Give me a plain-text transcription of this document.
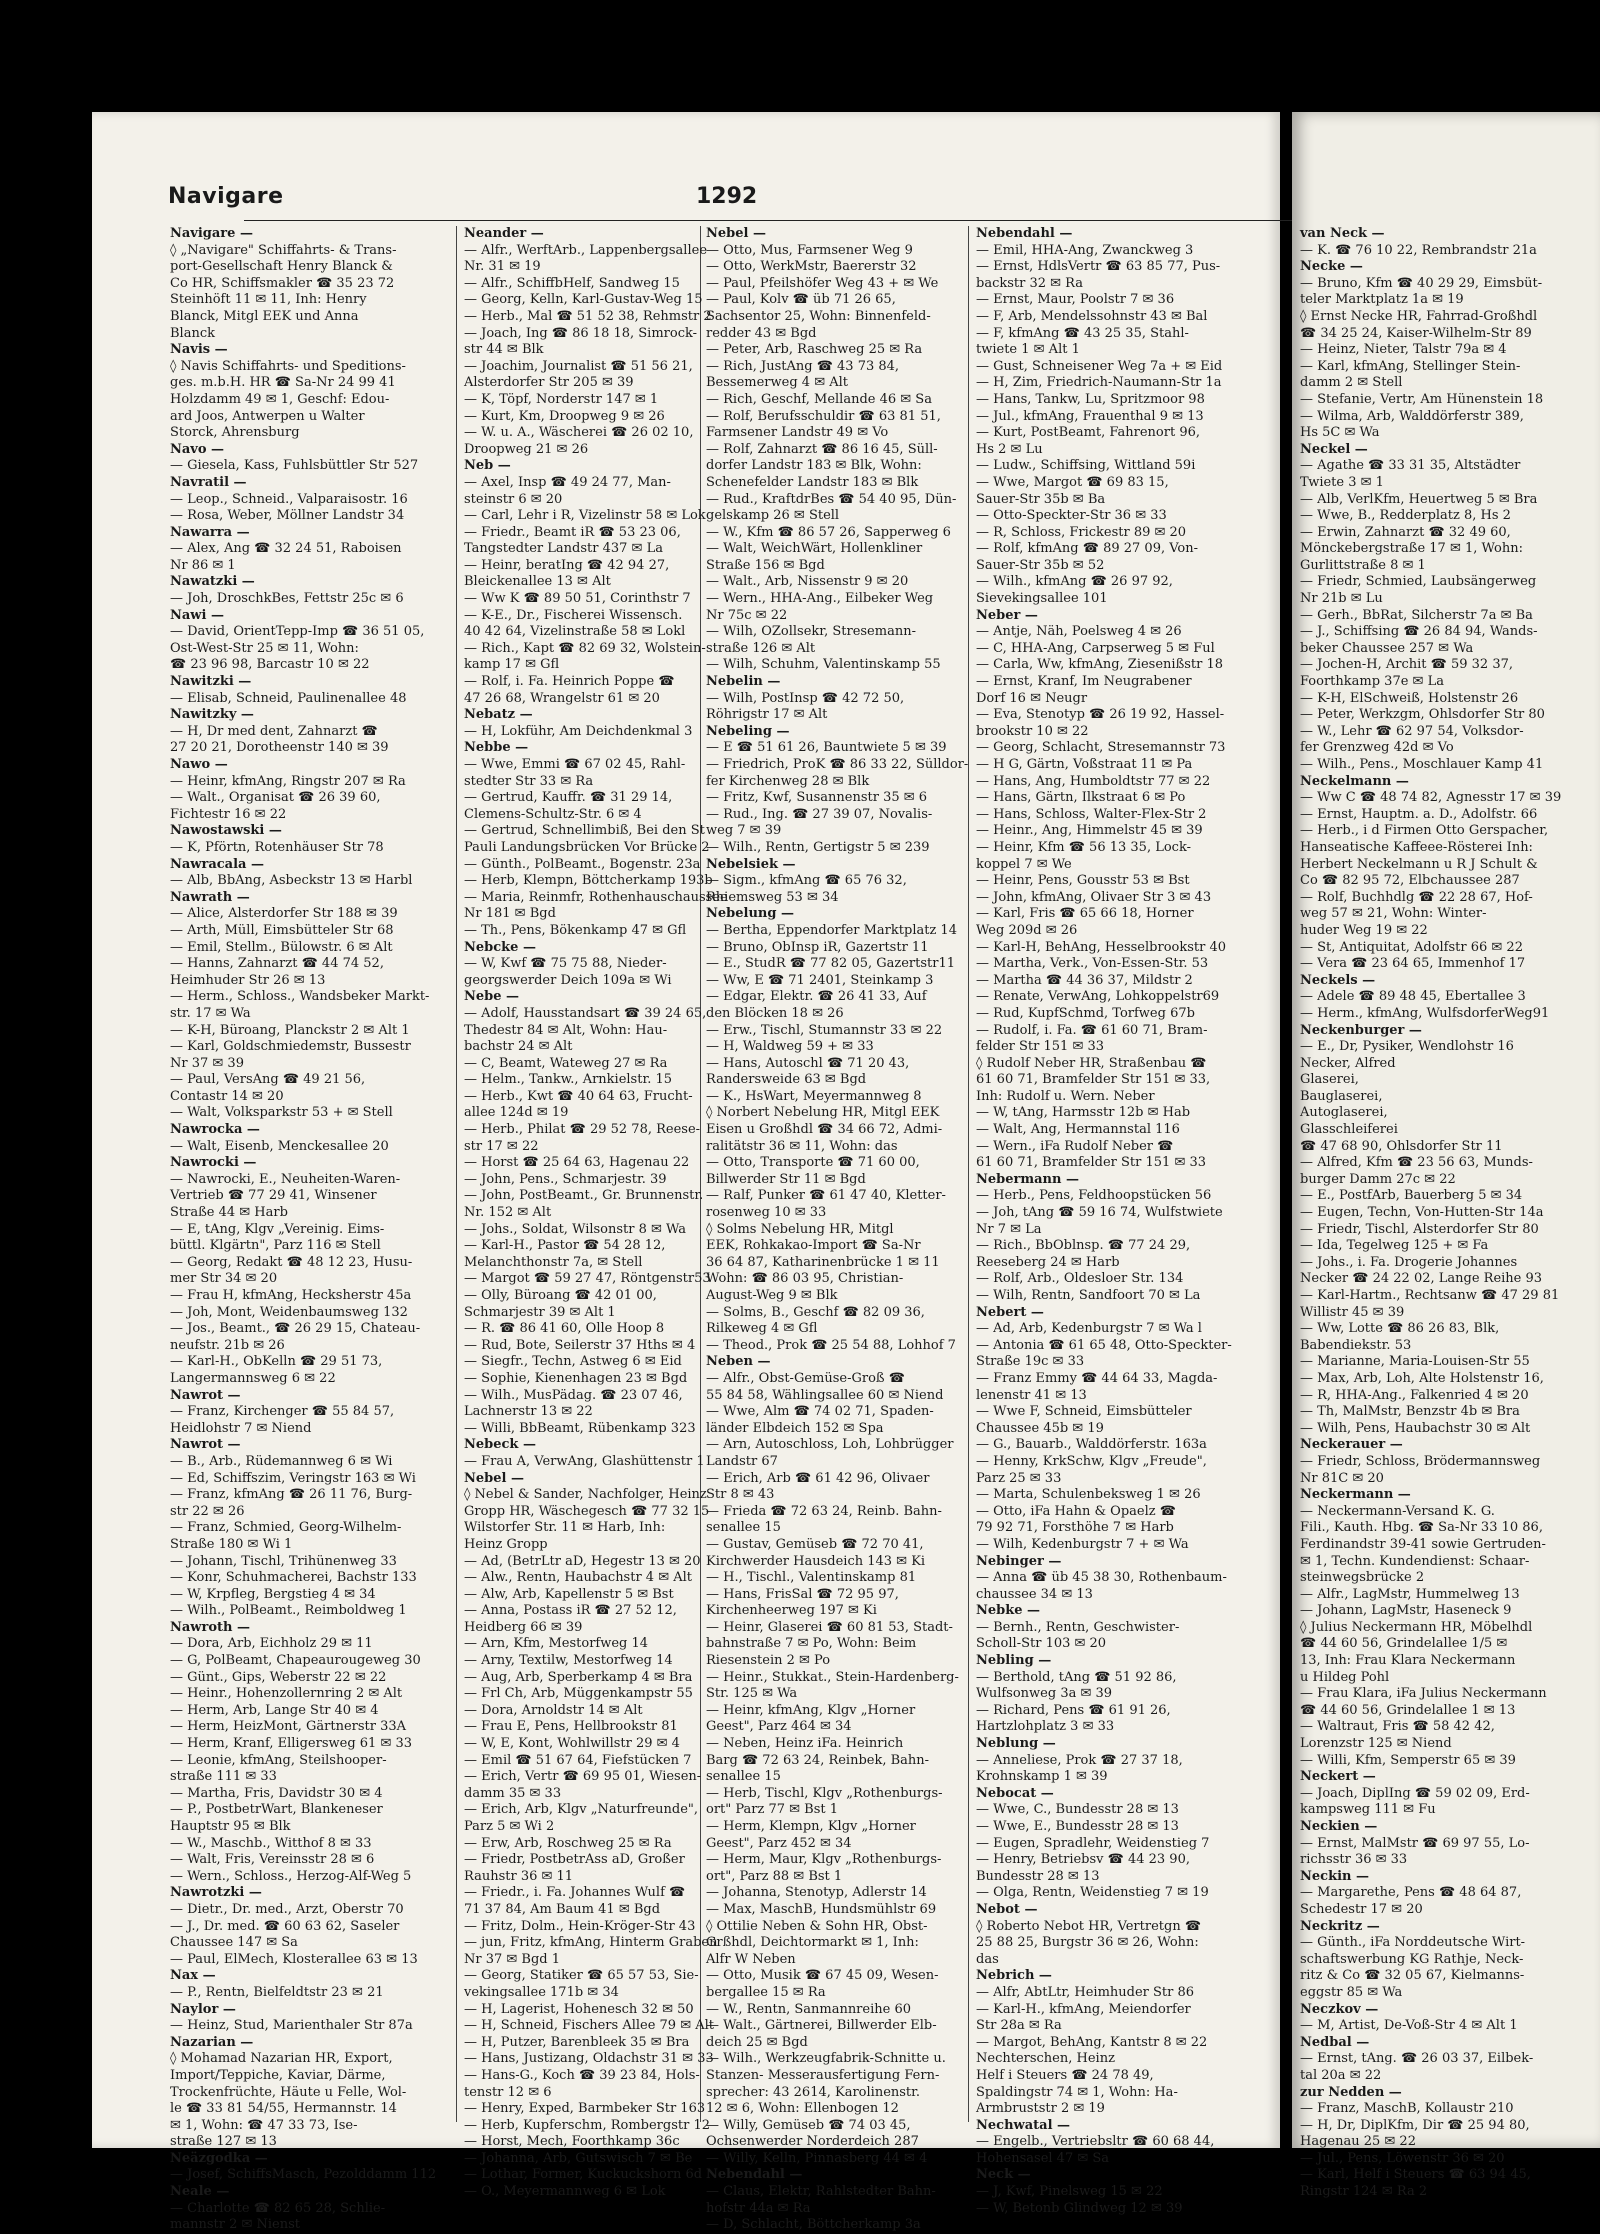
Navigare	1292

Navigare —

◊ „Navigare" Schiffahrts- & Trans-

port-Gesellschaft Henry Blanck &

Co HR, Schiffsmakler ☎ 35 23 72

Steinhöft 11 ✉ 11, Inh: Henry

Blanck, Mitgl EEK und Anna

Blanck

Navis —

◊ Navis Schiffahrts- und Speditions-

ges. m.b.H. HR ☎ Sa-Nr 24 99 41

Holzdamm 49 ✉ 1, Geschf: Edou-

ard Joos, Antwerpen u Walter

Storck, Ahrensburg

Navo —

— Giesela, Kass, Fuhlsbüttler Str 527

Navratil —

— Leop., Schneid., Valparaisostr. 16

— Rosa, Weber, Möllner Landstr 34

Nawarra —

— Alex, Ang ☎ 32 24 51, Raboisen

Nr 86 ✉ 1

Nawatzki —

— Joh, DroschkBes, Fettstr 25c ✉ 6

Nawi —

— David, OrientTepp-Imp ☎ 36 51 05,

Ost-West-Str 25 ✉ 11, Wohn:

☎ 23 96 98, Barcastr 10 ✉ 22

Nawitzki —

— Elisab, Schneid, Paulinenallee 48

Nawitzky —

— H, Dr med dent, Zahnarzt ☎

27 20 21, Dorotheenstr 140 ✉ 39

Nawo —

— Heinr, kfmAng, Ringstr 207 ✉ Ra

— Walt., Organisat ☎ 26 39 60,

Fichtestr 16 ✉ 22

Nawostawski —

— K, Pförtn, Rotenhäuser Str 78

Nawracala —

— Alb, BbAng, Asbeckstr 13 ✉ Harbl

Nawrath —

— Alice, Alsterdorfer Str 188 ✉ 39

— Arth, Müll, Eimsbütteler Str 68

— Emil, Stellm., Bülowstr. 6 ✉ Alt

— Hanns, Zahnarzt ☎ 44 74 52,

Heimhuder Str 26 ✉ 13

— Herm., Schloss., Wandsbeker Markt-

str. 17 ✉ Wa

— K-H, Büroang, Planckstr 2 ✉ Alt 1

— Karl, Goldschmiedemstr, Bussestr

Nr 37 ✉ 39

— Paul, VersAng ☎ 49 21 56,

Contastr 14 ✉ 20

— Walt, Volksparkstr 53 + ✉ Stell

Nawrocka —

— Walt, Eisenb, Menckesallee 20

Nawrocki —

— Nawrocki, E., Neuheiten-Waren-

Vertrieb ☎ 77 29 41, Winsener

Straße 44 ✉ Harb

— E, tAng, Klgv „Vereinig. Eims-

büttl. Klgärtn", Parz 116 ✉ Stell

— Georg, Redakt ☎ 48 12 23, Husu-

mer Str 34 ✉ 20

— Frau H, kfmAng, Hecksherstr 45a

— Joh, Mont, Weidenbaumsweg 132

— Jos., Beamt., ☎ 26 29 15, Chateau-

neufstr. 21b ✉ 26

— Karl-H., ObKelln ☎ 29 51 73,

Langermannsweg 6 ✉ 22

Nawrot —

— Franz, Kirchenger ☎ 55 84 57,

Heidlohstr 7 ✉ Niend

Nawrot —

— B., Arb., Rüdemannweg 6 ✉ Wi

— Ed, Schiffszim, Veringstr 163 ✉ Wi

— Franz, kfmAng ☎ 26 11 76, Burg-

str 22 ✉ 26

— Franz, Schmied, Georg-Wilhelm-

Straße 180 ✉ Wi 1

— Johann, Tischl, Trihünenweg 33

— Konr, Schuhmacherei, Bachstr 133

— W, Krpfleg, Bergstieg 4 ✉ 34

— Wilh., PolBeamt., Reimboldweg 1

Nawroth —

— Dora, Arb, Eichholz 29 ✉ 11

— G, PolBeamt, Chapeaurougeweg 30

— Günt., Gips, Weberstr 22 ✉ 22

— Heinr., Hohenzollernring 2 ✉ Alt

— Herm, Arb, Lange Str 40 ✉ 4

— Herm, HeizMont, Gärtnerstr 33A

— Herm, Kranf, Elligersweg 61 ✉ 33

— Leonie, kfmAng, Steilshooper-

straße 111 ✉ 33

— Martha, Fris, Davidstr 30 ✉ 4

— P., PostbetrWart, Blankeneser

Hauptstr 95 ✉ Blk

— W., Maschb., Witthof 8 ✉ 33

— Walt, Fris, Vereinsstr 28 ✉ 6

— Wern., Schloss., Herzog-Alf-Weg 5

Nawrotzki —

— Dietr., Dr. med., Arzt, Oberstr 70

— J., Dr. med. ☎ 60 63 62, Saseler

Chaussee 147 ✉ Sa

— Paul, ElMech, Klosterallee 63 ✉ 13

Nax —

— P., Rentn, Bielfeldtstr 23 ✉ 21

Naylor —

— Heinz, Stud, Marienthaler Str 87a

Nazarian —

◊ Mohamad Nazarian HR, Export,

Import/Teppiche, Kaviar, Därme,

Trockenfrüchte, Häute u Felle, Wol-

le ☎ 33 81 54/55, Hermannstr. 14

✉ 1, Wohn: ☎ 47 33 73, Ise-

straße 127 ✉ 13

Neäzgodka —

— Josef, SchiffsMasch, Pezolddamm 112

Neale —

— Charlotte ☎ 82 65 28, Schlie-

mannstr 2 ✉ Nienst

Neander —

— Alfr., WerftArb., Lappenbergsallee

Nr. 31 ✉ 19

— Alfr., SchiffbHelf, Sandweg 15

— Georg, Kelln, Karl-Gustav-Weg 15

— Herb., Mal ☎ 51 52 38, Rehmstr 2

— Joach, Ing ☎ 86 18 18, Simrock-

str 44 ✉ Blk

— Joachim, Journalist ☎ 51 56 21,

Alsterdorfer Str 205 ✉ 39

— K, Töpf, Norderstr 147 ✉ 1

— Kurt, Km, Droopweg 9 ✉ 26

— W. u. A., Wäscherei ☎ 26 02 10,

Droopweg 21 ✉ 26

Neb —

— Axel, Insp ☎ 49 24 77, Man-

steinstr 6 ✉ 20

— Carl, Lehr i R, Vizelinstr 58 ✉ Lok

— Friedr., Beamt iR ☎ 53 23 06,

Tangstedter Landstr 437 ✉ La

— Heinr, beratIng ☎ 42 94 27,

Bleickenallee 13 ✉ Alt

— Ww K ☎ 89 50 51, Corinthstr 7

— K-E., Dr., Fischerei Wissensch.

40 42 64, Vizelinstraße 58 ✉ Lokl

— Rich., Kapt ☎ 82 69 32, Wolstein-

kamp 17 ✉ Gfl

— Rolf, i. Fa. Heinrich Poppe ☎

47 26 68, Wrangelstr 61 ✉ 20

Nebatz —

— H, Lokführ, Am Deichdenkmal 3

Nebbe —

— Wwe, Emmi ☎ 67 02 45, Rahl-

stedter Str 33 ✉ Ra

— Gertrud, Kauffr. ☎ 31 29 14,

Clemens-Schultz-Str. 6 ✉ 4

— Gertrud, Schnellimbiß, Bei den St

Pauli Landungsbrücken Vor Brücke 2

— Günth., PolBeamt., Bogenstr. 23a

— Herb, Klempn, Böttcherkamp 193b

— Maria, Reinmfr, Rothenhauschaussee

Nr 181 ✉ Bgd

— Th., Pens, Bökenkamp 47 ✉ Gfl

Nebcke —

— W, Kwf ☎ 75 75 88, Nieder-

georgswerder Deich 109a ✉ Wi

Nebe —

— Adolf, Hausstandsart ☎ 39 24 65,

Thedestr 84 ✉ Alt, Wohn: Hau-

bachstr 24 ✉ Alt

— C, Beamt, Wateweg 27 ✉ Ra

— Helm., Tankw., Arnkielstr. 15

— Herb., Kwt ☎ 40 64 63, Frucht-

allee 124d ✉ 19

— Herb., Philat ☎ 29 52 78, Reese-

str 17 ✉ 22

— Horst ☎ 25 64 63, Hagenau 22

— John, Pens., Schmarjestr. 39

— John, PostBeamt., Gr. Brunnenstr.

Nr. 152 ✉ Alt

— Johs., Soldat, Wilsonstr 8 ✉ Wa

— Karl-H., Pastor ☎ 54 28 12,

Melanchthonstr 7a, ✉ Stell

— Margot ☎ 59 27 47, Röntgenstr53

— Olly, Büroang ☎ 42 01 00,

Schmarjestr 39 ✉ Alt 1

— R. ☎ 86 41 60, Olle Hoop 8

— Rud, Bote, Seilerstr 37 Hths ✉ 4

— Siegfr., Techn, Astweg 6 ✉ Eid

— Sophie, Kienenhagen 23 ✉ Bgd

— Wilh., MusPädag. ☎ 23 07 46,

Lachnerstr 13 ✉ 22

— Willi, BbBeamt, Rübenkamp 323

Nebeck —

— Frau A, VerwAng, Glashüttenstr 1

Nebel —

◊ Nebel & Sander, Nachfolger, Heinz

Gropp HR, Wäschegesch ☎ 77 32 15

Wilstorfer Str. 11 ✉ Harb, Inh:

Heinz Gropp

— Ad, (BetrLtr aD, Hegestr 13 ✉ 20

— Alw., Rentn, Haubachstr 4 ✉ Alt

— Alw, Arb, Kapellenstr 5 ✉ Bst

— Anna, Postass iR ☎ 27 52 12,

Heidberg 66 ✉ 39

— Arn, Kfm, Mestorfweg 14

— Arny, Textilw, Mestorfweg 14

— Aug, Arb, Sperberkamp 4 ✉ Bra

— Frl Ch, Arb, Müggenkampstr 55

— Dora, Arnoldstr 14 ✉ Alt

— Frau E, Pens, Hellbrookstr 81

— W, E, Kont, Wohlwillstr 29 ✉ 4

— Emil ☎ 51 67 64, Fiefstücken 7

— Erich, Vertr ☎ 69 95 01, Wiesen-

damm 35 ✉ 33

— Erich, Arb, Klgv „Naturfreunde",

Parz 5 ✉ Wi 2

— Erw, Arb, Roschweg 25 ✉ Ra

— Friedr, PostbetrAss aD, Großer

Rauhstr 36 ✉ 11

— Friedr., i. Fa. Johannes Wulf ☎

71 37 84, Am Baum 41 ✉ Bgd

— Fritz, Dolm., Hein-Kröger-Str 43

— jun, Fritz, kfmAng, Hinterm Graben

Nr 37 ✉ Bgd 1

— Georg, Statiker ☎ 65 57 53, Sie-

vekingsallee 171b ✉ 34

— H, Lagerist, Hohenesch 32 ✉ 50

— H, Schneid, Fischers Allee 79 ✉ Alt

— H, Putzer, Barenbleek 35 ✉ Bra

— Hans, Justizang, Oldachstr 31 ✉ 33

— Hans-G., Koch ☎ 39 23 84, Hols-

tenstr 12 ✉ 6

— Henry, Exped, Barmbeker Str 163

— Herb, Kupferschm, Rombergstr 12

— Horst, Mech, Foorthkamp 36c

— Johanna, Arb, Gutswisch 7 ✉ Be

— Lothar, Former, Kuckuckshorn 6d

— O., Meyermannweg 6 ✉ Lok

Nebel —

— Otto, Mus, Farmsener Weg 9

— Otto, WerkMstr, Baererstr 32

— Paul, Pfeilshöfer Weg 43 + ✉ We

— Paul, Kolv ☎ üb 71 26 65,

Sachsentor 25, Wohn: Binnenfeld-

redder 43 ✉ Bgd

— Peter, Arb, Raschweg 25 ✉ Ra

— Rich, JustAng ☎ 43 73 84,

Bessemerweg 4 ✉ Alt

— Rich, Geschf, Mellande 46 ✉ Sa

— Rolf, Berufsschuldir ☎ 63 81 51,

Farmsener Landstr 49 ✉ Vo

— Rolf, Zahnarzt ☎ 86 16 45, Süll-

dorfer Landstr 183 ✉ Blk, Wohn:

Schenefelder Landstr 183 ✉ Blk

— Rud., KraftdrBes ☎ 54 40 95, Dün-

gelskamp 26 ✉ Stell

— W., Kfm ☎ 86 57 26, Sapperweg 6

— Walt, WeichWärt, Hollenkliner

Straße 156 ✉ Bgd

— Walt., Arb, Nissenstr 9 ✉ 20

— Wern., HHA-Ang., Eilbeker Weg

Nr 75c ✉ 22

— Wilh, OZollsekr, Stresemann-

straße 126 ✉ Alt

— Wilh, Schuhm, Valentinskamp 55

Nebelin —

— Wilh, PostInsp ☎ 42 72 50,

Röhrigstr 17 ✉ Alt

Nebeling —

— E ☎ 51 61 26, Bauntwiete 5 ✉ 39

— Friedrich, ProK ☎ 86 33 22, Sülldor-

fer Kirchenweg 28 ✉ Blk

— Fritz, Kwf, Susannenstr 35 ✉ 6

— Rud., Ing. ☎ 27 39 07, Novalis-

weg 7 ✉ 39

— Wilh., Rentn, Gertigstr 5 ✉ 239

Nebelsiek —

— Sigm., kfmAng ☎ 65 76 32,

Rhiemsweg 53 ✉ 34

Nebelung —

— Bertha, Eppendorfer Marktplatz 14

— Bruno, ObInsp iR, Gazertstr 11

— E., StudR ☎ 77 82 05, Gazertstr11

— Ww, E ☎ 71 2401, Steinkamp 3

— Edgar, Elektr. ☎ 26 41 33, Auf

den Blöcken 18 ✉ 26

— Erw., Tischl, Stumannstr 33 ✉ 22

— H, Waldweg 59 + ✉ 33

— Hans, Autoschl ☎ 71 20 43,

Randersweide 63 ✉ Bgd

— K., HsWart, Meyermannweg 8

◊ Norbert Nebelung HR, Mitgl EEK

Eisen u Großhdl ☎ 34 66 72, Admi-

ralitätstr 36 ✉ 11, Wohn: das

— Otto, Transporte ☎ 71 60 00,

Billwerder Str 11 ✉ Bgd

— Ralf, Punker ☎ 61 47 40, Kletter-

rosenweg 10 ✉ 33

◊ Solms Nebelung HR, Mitgl

EEK, Rohkakao-Import ☎ Sa-Nr

36 64 87, Katharinenbrücke 1 ✉ 11

Wohn: ☎ 86 03 95, Christian-

August-Weg 9 ✉ Blk

— Solms, B., Geschf ☎ 82 09 36,

Rilkeweg 4 ✉ Gfl

— Theod., Prok ☎ 25 54 88, Lohhof 7

Neben —

— Alfr., Obst-Gemüse-Groß ☎

55 84 58, Wählingsallee 60 ✉ Niend

— Wwe, Alm ☎ 74 02 71, Spaden-

länder Elbdeich 152 ✉ Spa

— Arn, Autoschloss, Loh, Lohbrügger

Landstr 67

— Erich, Arb ☎ 61 42 96, Olivaer

Str 8 ✉ 43

— Frieda ☎ 72 63 24, Reinb. Bahn-

senallee 15

— Gustav, Gemüseb ☎ 72 70 41,

Kirchwerder Hausdeich 143 ✉ Ki

— H., Tischl., Valentinskamp 81

— Hans, FrisSal ☎ 72 95 97,

Kirchenheerweg 197 ✉ Ki

— Heinr, Glaserei ☎ 60 81 53, Stadt-

bahnstraße 7 ✉ Po, Wohn: Beim

Riesenstein 2 ✉ Po

— Heinr., Stukkat., Stein-Hardenberg-

Str. 125 ✉ Wa

— Heinr, kfmAng, Klgv „Horner

Geest", Parz 464 ✉ 34

— Neben, Heinz iFa. Heinrich

Barg ☎ 72 63 24, Reinbek, Bahn-

senallee 15

— Herb, Tischl, Klgv „Rothenburgs-

ort" Parz 77 ✉ Bst 1

— Herm, Klempn, Klgv „Horner

Geest", Parz 452 ✉ 34

— Herm, Maur, Klgv „Rothenburgs-

ort", Parz 88 ✉ Bst 1

— Johanna, Stenotyp, Adlerstr 14

— Max, MaschB, Hundsmühlstr 69

◊ Ottilie Neben & Sohn HR, Obst-

Grßhdl, Deichtormarkt ✉ 1, Inh:

Alfr W Neben

— Otto, Musik ☎ 67 45 09, Wesen-

bergallee 15 ✉ Ra

— W., Rentn, Sanmannreihe 60

— Walt., Gärtnerei, Billwerder Elb-

deich 25 ✉ Bgd

— Wilh., Werkzeugfabrik-Schnitte u.

Stanzen- Messerausfertigung Fern-

sprecher: 43 2614, Karolinenstr.

12 ✉ 6, Wohn: Ellenbogen 12

— Willy, Gemüseb ☎ 74 03 45,

Ochsenwerder Norderdeich 287

— Willy, Kelln, Pinnasberg 44 ✉ 4

Nebendahl —

— Claus, Elektr, Rahlstedter Bahn-

hofstr 44a ✉ Ra

— D, Schlacht, Böttcherkamp 3a

Nebendahl —

— Emil, HHA-Ang, Zwanckweg 3

— Ernst, HdlsVertr ☎ 63 85 77, Pus-

backstr 32 ✉ Ra

— Ernst, Maur, Poolstr 7 ✉ 36

— F, Arb, Mendelssohnstr 43 ✉ Bal

— F, kfmAng ☎ 43 25 35, Stahl-

twiete 1 ✉ Alt 1

— Gust, Schneisener Weg 7a + ✉ Eid

— H, Zim, Friedrich-Naumann-Str 1a

— Hans, Tankw, Lu, Spritzmoor 98

— Jul., kfmAng, Frauenthal 9 ✉ 13

— Kurt, PostBeamt, Fahrenort 96,

Hs 2 ✉ Lu

— Ludw., Schiffsing, Wittland 59i

— Wwe, Margot ☎ 69 83 15,

Sauer-Str 35b ✉ Ba

— Otto-Speckter-Str 36 ✉ 33

— R, Schloss, Frickestr 89 ✉ 20

— Rolf, kfmAng ☎ 89 27 09, Von-

Sauer-Str 35b ✉ 52

— Wilh., kfmAng ☎ 26 97 92,

Sievekingsallee 101

Neber —

— Antje, Näh, Poelsweg 4 ✉ 26

— C, HHA-Ang, Carpserweg 5 ✉ Ful

— Carla, Ww, kfmAng, Ziesenißstr 18

— Ernst, Kranf, Im Neugrabener

Dorf 16 ✉ Neugr

— Eva, Stenotyp ☎ 26 19 92, Hassel-

brookstr 10 ✉ 22

— Georg, Schlacht, Stresemannstr 73

— H G, Gärtn, Voßstraat 11 ✉ Pa

— Hans, Ang, Humboldtstr 77 ✉ 22

— Hans, Gärtn, Ilkstraat 6 ✉ Po

— Hans, Schloss, Walter-Flex-Str 2

— Heinr., Ang, Himmelstr 45 ✉ 39

— Heinr, Kfm ☎ 56 13 35, Lock-

koppel 7 ✉ We

— Heinr, Pens, Gousstr 53 ✉ Bst

— John, kfmAng, Olivaer Str 3 ✉ 43

— Karl, Fris ☎ 65 66 18, Horner

Weg 209d ✉ 26

— Karl-H, BehAng, Hesselbrookstr 40

— Martha, Verk., Von-Essen-Str. 53

— Martha ☎ 44 36 37, Mildstr 2

— Renate, VerwAng, Lohkoppelstr69

— Rud, KupfSchmd, Torfweg 67b

— Rudolf, i. Fa. ☎ 61 60 71, Bram-

felder Str 151 ✉ 33

◊ Rudolf Neber HR, Straßenbau ☎

61 60 71, Bramfelder Str 151 ✉ 33,

Inh: Rudolf u. Wern. Neber

— W, tAng, Harmsstr 12b ✉ Hab

— Walt, Ang, Hermannstal 116

— Wern., iFa Rudolf Neber ☎

61 60 71, Bramfelder Str 151 ✉ 33

Nebermann —

— Herb., Pens, Feldhoopstücken 56

— Joh, tAng ☎ 59 16 74, Wulfstwiete

Nr 7 ✉ La

— Rich., BbOblnsp. ☎ 77 24 29,

Reeseberg 24 ✉ Harb

— Rolf, Arb., Oldesloer Str. 134

— Wilh, Rentn, Sandfoort 70 ✉ La

Nebert —

— Ad, Arb, Kedenburgstr 7 ✉ Wa l

— Antonia ☎ 61 65 48, Otto-Speckter-

Straße 19c ✉ 33

— Franz Emmy ☎ 44 64 33, Magda-

lenenstr 41 ✉ 13

— Wwe F, Schneid, Eimsbütteler

Chaussee 45b ✉ 19

— G., Bauarb., Walddörferstr. 163a

— Henny, KrkSchw, Klgv „Freude",

Parz 25 ✉ 33

— Marta, Schulenbeksweg 1 ✉ 26

— Otto, iFa Hahn & Opaelz ☎

79 92 71, Forsthöhe 7 ✉ Harb

— Wilh, Kedenburgstr 7 + ✉ Wa

Nebinger —

— Anna ☎ üb 45 38 30, Rothenbaum-

chaussee 34 ✉ 13

Nebke —

— Bernh., Rentn, Geschwister-

Scholl-Str 103 ✉ 20

Nebling —

— Berthold, tAng ☎ 51 92 86,

Wulfsonweg 3a ✉ 39

— Richard, Pens ☎ 61 91 26,

Hartzlohplatz 3 ✉ 33

Neblung —

— Anneliese, Prok ☎ 27 37 18,

Krohnskamp 1 ✉ 39

Nebocat —

— Wwe, C., Bundesstr 28 ✉ 13

— Wwe, E., Bundesstr 28 ✉ 13

— Eugen, Spradlehr, Weidenstieg 7

— Henry, Betriebsv ☎ 44 23 90,

Bundesstr 28 ✉ 13

— Olga, Rentn, Weidenstieg 7 ✉ 19

Nebot —

◊ Roberto Nebot HR, Vertretgn ☎

25 88 25, Burgstr 36 ✉ 26, Wohn:

das

Nebrich —

— Alfr, AbtLtr, Heimhuder Str 86

— Karl-H., kfmAng, Meiendorfer

Str 28a ✉ Ra

— Margot, BehAng, Kantstr 8 ✉ 22

Nechterschen, Heinz

Helf i Steuers ☎ 24 78 49,

Spaldingstr 74 ✉ 1, Wohn: Ha-

Armbruststr 2 ✉ 19

Nechwatal —

— Engelb., Vertriebsltr ☎ 60 68 44,

Hohensasel 47 ✉ Sa

Neck —

— J, Kwf, Pinelsweg 15 ✉ 22

— W, Betonb Glindweg 12 ✉ 39

van Neck —

— K. ☎ 76 10 22, Rembrandstr 21a

Necke —

— Bruno, Kfm ☎ 40 29 29, Eimsbüt-

teler Marktplatz 1a ✉ 19

◊ Ernst Necke HR, Fahrrad-Großhdl

☎ 34 25 24, Kaiser-Wilhelm-Str 89

— Heinz, Nieter, Talstr 79a ✉ 4

— Karl, kfmAng, Stellinger Stein-

damm 2 ✉ Stell

— Stefanie, Vertr, Am Hünenstein 18

— Wilma, Arb, Walddörferstr 389,

Hs 5C ✉ Wa

Neckel —

— Agathe ☎ 33 31 35, Altstädter

Twiete 3 ✉ 1

— Alb, VerlKfm, Heuertweg 5 ✉ Bra

— Wwe, B., Redderplatz 8, Hs 2

— Erwin, Zahnarzt ☎ 32 49 60,

Mönckebergstraße 17 ✉ 1, Wohn:

Gurlittstraße 8 ✉ 1

— Friedr, Schmied, Laubsängerweg

Nr 21b ✉ Lu

— Gerh., BbRat, Silcherstr 7a ✉ Ba

— J., Schiffsing ☎ 26 84 94, Wands-

beker Chaussee 257 ✉ Wa

— Jochen-H, Archit ☎ 59 32 37,

Foorthkamp 37e ✉ La

— K-H, ElSchweiß, Holstenstr 26

— Peter, Werkzgm, Ohlsdorfer Str 80

— W., Lehr ☎ 62 97 54, Volksdor-

fer Grenzweg 42d ✉ Vo

— Wilh., Pens., Moschlauer Kamp 41

Neckelmann —

— Ww C ☎ 48 74 82, Agnesstr 17 ✉ 39

— Ernst, Hauptm. a. D., Adolfstr. 66

— Herb., i d Firmen Otto Gerspacher,

Hanseatische Kaffeee-Rösterei Inh:

Herbert Neckelmann u R J Schult &

Co ☎ 82 95 72, Elbchaussee 287

— Rolf, Buchhdlg ☎ 22 28 67, Hof-

weg 57 ✉ 21, Wohn: Winter-

huder Weg 19 ✉ 22

— St, Antiquitat, Adolfstr 66 ✉ 22

— Vera ☎ 23 64 65, Immenhof 17

Neckels —

— Adele ☎ 89 48 45, Ebertallee 3

— Herm., kfmAng, WulfsdorferWeg91

Neckenburger —

— E., Dr, Pysiker, Wendlohstr 16

Necker, Alfred

Glaserei,

Bauglaserei,

Autoglaserei,

Glasschleiferei

☎ 47 68 90, Ohlsdorfer Str 11

— Alfred, Kfm ☎ 23 56 63, Munds-

burger Damm 27c ✉ 22

— E., PostfArb, Bauerberg 5 ✉ 34

— Eugen, Techn, Von-Hutten-Str 14a

— Friedr, Tischl, Alsterdorfer Str 80

— Ida, Tegelweg 125 + ✉ Fa

— Johs., i. Fa. Drogerie Johannes

Necker ☎ 24 22 02, Lange Reihe 93

— Karl-Hartm., Rechtsanw ☎ 47 29 81

Willistr 45 ✉ 39

— Ww, Lotte ☎ 86 26 83, Blk,

Babendiekstr. 53

— Marianne, Maria-Louisen-Str 55

— Max, Arb, Loh, Alte Holstenstr 16,

— R, HHA-Ang., Falkenried 4 ✉ 20

— Th, MalMstr, Benzstr 4b ✉ Bra

— Wilh, Pens, Haubachstr 30 ✉ Alt

Neckerauer —

— Friedr, Schloss, Brödermannsweg

Nr 81C ✉ 20

Neckermann —

— Neckermann-Versand K. G.

Fili., Kauth. Hbg. ☎ Sa-Nr 33 10 86,

Ferdinandstr 39-41 sowie Gertruden-

✉ 1, Techn. Kundendienst: Schaar-

steinwegsbrücke 2

— Alfr., LagMstr, Hummelweg 13

— Johann, LagMstr, Haseneck 9

◊ Julius Neckermann HR, Möbelhdl

☎ 44 60 56, Grindelallee 1/5 ✉

13, Inh: Frau Klara Neckermann

u Hildeg Pohl

— Frau Klara, iFa Julius Neckermann

☎ 44 60 56, Grindelallee 1 ✉ 13

— Waltraut, Fris ☎ 58 42 42,

Lorenzstr 125 ✉ Niend

— Willi, Kfm, Semperstr 65 ✉ 39

Neckert —

— Joach, DiplIng ☎ 59 02 09, Erd-

kampsweg 111 ✉ Fu

Neckien —

— Ernst, MalMstr ☎ 69 97 55, Lo-

richsstr 36 ✉ 33

Neckin —

— Margarethe, Pens ☎ 48 64 87,

Schedestr 17 ✉ 20

Neckritz —

— Günth., iFa Norddeutsche Wirt-

schaftswerbung KG Rathje, Neck-

ritz & Co ☎ 32 05 67, Kielmanns-

eggstr 85 ✉ Wa

Neczkov —

— M, Artist, De-Voß-Str 4 ✉ Alt 1

Nedbal —

— Ernst, tAng. ☎ 26 03 37, Eilbek-

tal 20a ✉ 22

zur Nedden —

— Franz, MaschB, Kollaustr 210

— H, Dr, DiplKfm, Dir ☎ 25 94 80,

Hagenau 25 ✉ 22

— Jul., Pens, Löwenstr 36 ✉ 20

— Karl, Helf i Steuers ☎ 63 94 45,

Ringstr 124 ✉ Ra 2
